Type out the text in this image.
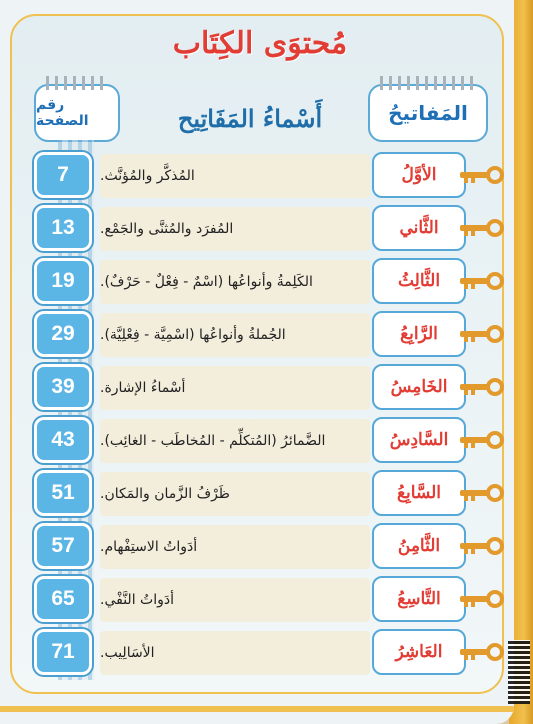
مُحتوَى الكِتَاب
رقم الصفحة	أَسْماءُ المَفَاتِيح	المَفاتيحُ
7	المُذكَّر والمُؤنَّث.	الأوَّلُ
13	المُفرَد والمُثنَّى والجَمْع.	الثَّاني
19	الكَلِمةُ وأنواعُها (اسْمٌ - فِعْلٌ - حَرْفٌ).	الثَّالِثُ
29	الجُملةُ وأنواعُها (اسْمِيَّة - فِعْلِيَّة).	الرَّابِعُ
39	أسْماءُ الإشارة.	الخَامِسُ
43	الضَّمائرُ (المُتكلِّم - المُخاطَب - الغائِب).	السَّادِسُ
51	ظَرْفُ الزَّمان والمَكان.	السَّابِعُ
57	أدَواتُ الاستِفْهام.	الثَّامِنُ
65	أدَواتُ النَّفْي.	التَّاسِعُ
71	الأسَالِيب.	العَاشِرُ
